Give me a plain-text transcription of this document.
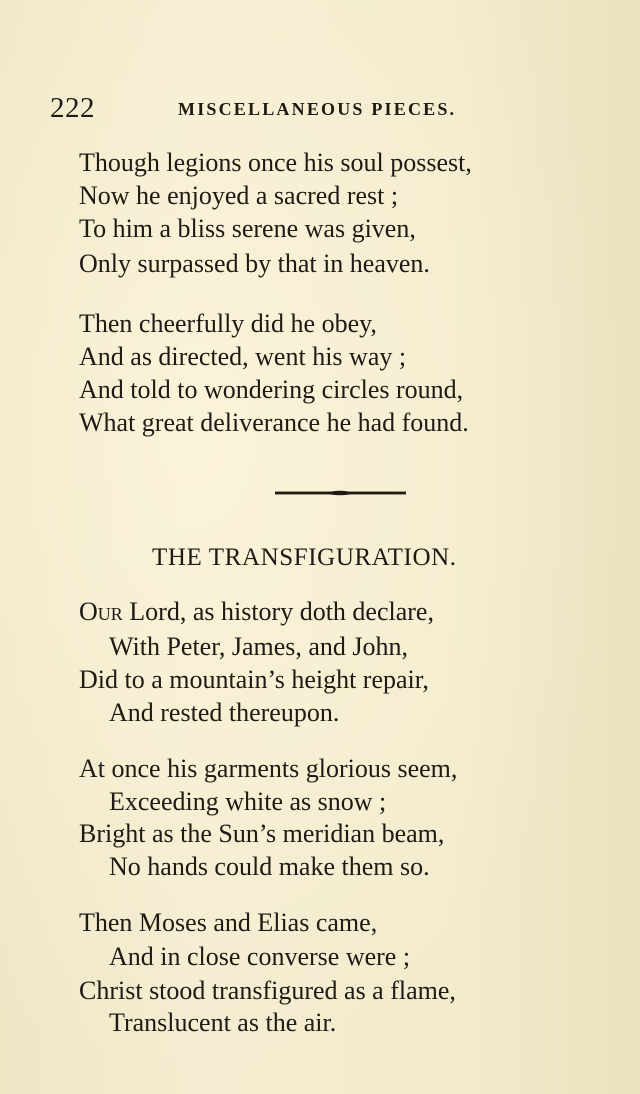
222	MISCELLANEOUS PIECES.
Though legions once his soul possest,
Now he enjoyed a sacred rest ;
To him a bliss serene was given,
Only surpassed by that in heaven.
Then cheerfully did he obey,
And as directed, went his way ;
And told to wondering circles round,
What great deliverance he had found.
THE TRANSFIGURATION.
Our Lord, as history doth declare,
With Peter, James, and John,
Did to a mountain’s height repair,
And rested thereupon.
At once his garments glorious seem,
Exceeding white as snow ;
Bright as the Sun’s meridian beam,
No hands could make them so.
Then Moses and Elias came,
And in close converse were ;
Christ stood transfigured as a flame,
Translucent as the air.
